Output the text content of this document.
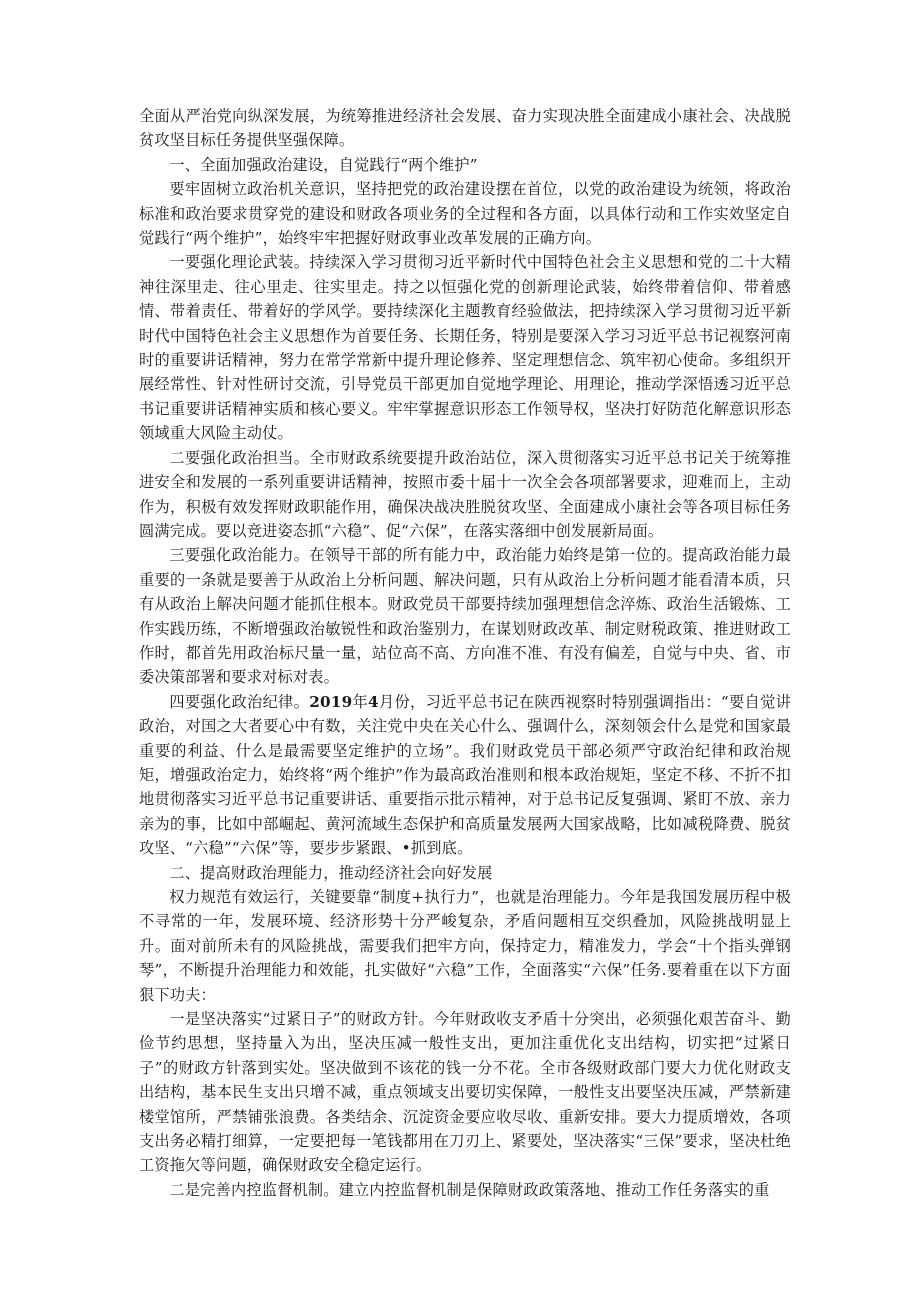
全面从严治党向纵深发展，为统筹推进经济社会发展、奋力实现决胜全面建成小康社会、决战脱贫攻坚目标任务提供坚强保障。

一、全面加强政治建设，自觉践行“两个维护”

要牢固树立政治机关意识，坚持把党的政治建设摆在首位，以党的政治建设为统领，将政治标准和政治要求贯穿党的建设和财政各项业务的全过程和各方面，以具体行动和工作实效坚定自觉践行“两个维护”，始终牢牢把握好财政事业改革发展的正确方向。

一要强化理论武装。持续深入学习贯彻习近平新时代中国特色社会主义思想和党的二十大精神往深里走、往心里走、往实里走。持之以恒强化党的创新理论武装，始终带着信仰、带着感情、带着责任、带着好的学风学。要持续深化主题教育经验做法，把持续深入学习贯彻习近平新时代中国特色社会主义思想作为首要任务、长期任务，特别是要深入学习习近平总书记视察河南时的重要讲话精神，努力在常学常新中提升理论修养、坚定理想信念、筑牢初心使命。多组织开展经常性、针对性研讨交流，引导党员干部更加自觉地学理论、用理论，推动学深悟透习近平总书记重要讲话精神实质和核心要义。牢牢掌握意识形态工作领导权，坚决打好防范化解意识形态领域重大风险主动仗。

二要强化政治担当。全市财政系统要提升政治站位，深入贯彻落实习近平总书记关于统筹推进安全和发展的一系列重要讲话精神，按照市委十届十一次全会各项部署要求，迎难而上，主动作为，积极有效发挥财政职能作用，确保决战决胜脱贫攻坚、全面建成小康社会等各项目标任务圆满完成。要以竞进姿态抓“六稳”、促“六保”，在落实落细中创发展新局面。

三要强化政治能力。在领导干部的所有能力中，政治能力始终是第一位的。提高政治能力最重要的一条就是要善于从政治上分析问题、解决问题，只有从政治上分析问题才能看清本质，只有从政治上解决问题才能抓住根本。财政党员干部要持续加强理想信念淬炼、政治生活锻炼、工作实践历练，不断增强政治敏锐性和政治鉴别力，在谋划财政改革、制定财税政策、推进财政工作时，都首先用政治标尺量一量，站位高不高、方向准不准、有没有偏差，自觉与中央、省、市委决策部署和要求对标对表。

四要强化政治纪律。2019年4月份，习近平总书记在陕西视察时特别强调指出：“要自觉讲政治，对国之大者要心中有数，关注党中央在关心什么、强调什么，深刻领会什么是党和国家最重要的利益、什么是最需要坚定维护的立场”。我们财政党员干部必须严守政治纪律和政治规矩，增强政治定力，始终将“两个维护”作为最高政治准则和根本政治规矩，坚定不移、不折不扣地贯彻落实习近平总书记重要讲话、重要指示批示精神，对于总书记反复强调、紧盯不放、亲力亲为的事，比如中部崛起、黄河流域生态保护和高质量发展两大国家战略，比如减税降费、脱贫攻坚、“六稳”“六保”等，要步步紧跟、•抓到底。

二、提高财政治理能力，推动经济社会向好发展

权力规范有效运行，关键要靠“制度+执行力”，也就是治理能力。今年是我国发展历程中极不寻常的一年，发展环境、经济形势十分严峻复杂，矛盾问题相互交织叠加，风险挑战明显上升。面对前所未有的风险挑战，需要我们把牢方向，保持定力，精准发力，学会“十个指头弹钢琴”，不断提升治理能力和效能，扎实做好“六稳”工作，全面落实“六保”任务.要着重在以下方面狠下功夫：

一是坚决落实“过紧日子”的财政方针。今年财政收支矛盾十分突出，必须强化艰苦奋斗、勤俭节约思想，坚持量入为出，坚决压减一般性支出，更加注重优化支出结构，切实把“过紧日子”的财政方针落到实处。坚决做到不该花的钱一分不花。全市各级财政部门要大力优化财政支出结构，基本民生支出只增不减，重点领域支出要切实保障，一般性支出要坚决压减，严禁新建楼堂馆所，严禁铺张浪费。各类结余、沉淀资金要应收尽收、重新安排。要大力提质增效，各项支出务必精打细算，一定要把每一笔钱都用在刀刃上、紧要处，坚决落实“三保”要求，坚决杜绝工资拖欠等问题，确保财政安全稳定运行。

二是完善内控监督机制。建立内控监督机制是保障财政政策落地、推动工作任务落实的重
